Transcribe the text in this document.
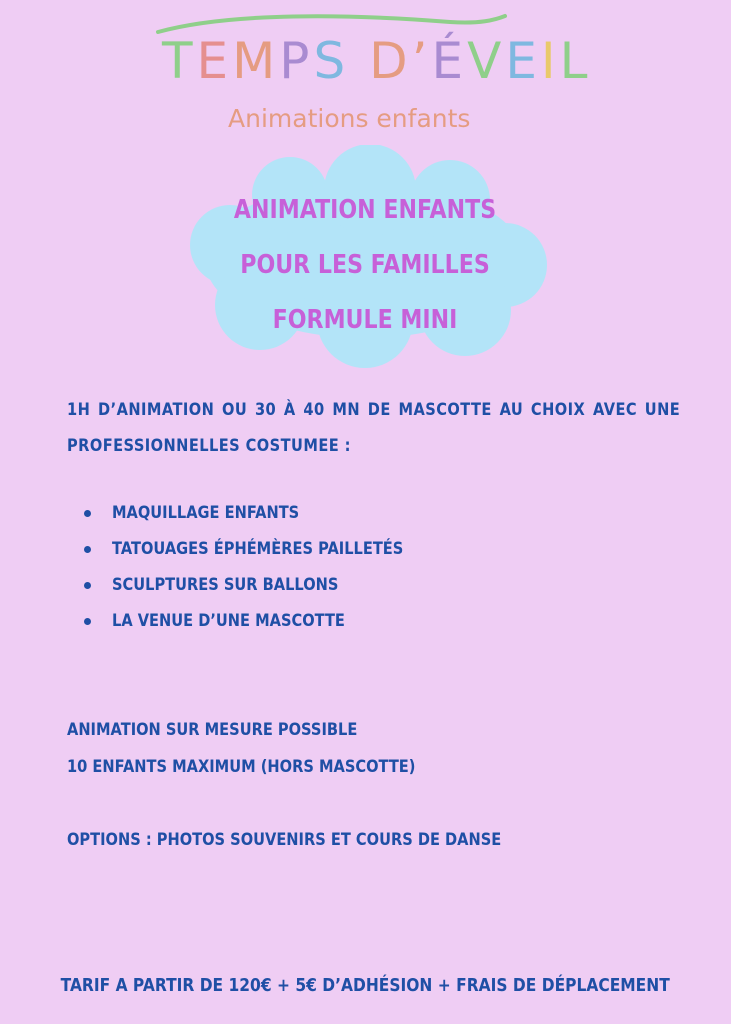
TEMPS D’ÉVEIL
Animations enfants
ANIMATION ENFANTS
POUR LES FAMILLES
FORMULE MINI
1H D’ANIMATION OU 30 À 40 MN DE MASCOTTE AU CHOIX AVEC UNE
PROFESSIONNELLES COSTUMEE :
MAQUILLAGE ENFANTS
TATOUAGES ÉPHÉMÈRES PAILLETÉS
SCULPTURES SUR BALLONS
LA VENUE D’UNE MASCOTTE
ANIMATION SUR MESURE POSSIBLE
10 ENFANTS MAXIMUM (HORS MASCOTTE)
OPTIONS : PHOTOS SOUVENIRS ET COURS DE DANSE
TARIF A PARTIR DE 120€ + 5€ D’ADHÉSION + FRAIS DE DÉPLACEMENT
